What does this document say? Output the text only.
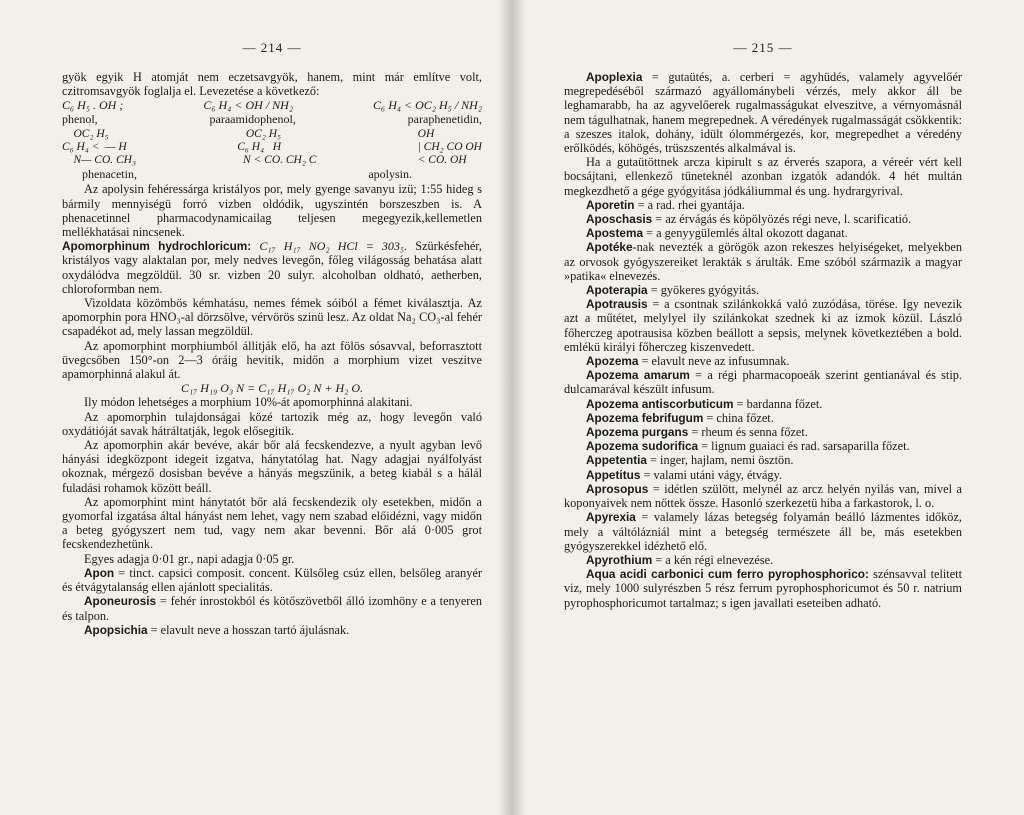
— 214 —

gyök egyik H atomját nem eczetsavgyök, hanem, mint már említve volt, czitromsavgyök foglalja el. Levezetése a következő:

C₆ H₅ . OH ;	C₆ H₄ < OH / NH₂	C₆ H₄ < OC₂ H₅ / NH₂
phenol,	paraamidophenol,	paraphenetidin,
OC₂ H₅
C₆ H₄ <  — H
N— CO. CH₃
OC₂ H₅
C₆ H₄   H
N < CO. CH₂ C
OH
| CH₂ CO OH
< CO. OH
phenacetin,	apolysin.

Az apolysin fehéressárga kristályos por, mely gyenge savanyu izü; 1:55 hideg s bármily mennyiségü forró vizben oldódik, ugyszintén borszeszben is. A phenacetinnel pharmacodynamicailag teljesen megegyezik,kellemetlen mellékhatásai nincsenek.

Apomorphinum hydrochloricum: C₁₇ H₁₇ NO₂ HCl = 303₅. Szürkésfehér, kristályos vagy alaktalan por, mely nedves levegőn, főleg világosság behatása alatt oxydálódva megzöldül. 30 sr. vizben 20 sulyr. alcoholban oldható, aetherben, chloroformban nem.

Vizoldata közömbös kémhatásu, nemes fémek sóiból a fémet kiválasztja. Az apomorphin pora HNO₃-al dörzsölve, vérvörös szinü lesz. Az oldat Na₂ CO₃-al fehér csapadékot ad, mely lassan megzöldül.

Az apomorphint morphiumból állitják elő, ha azt fölös sósavval, beforrasztott üvegcsőben 150°-on 2—3 óráig hevitik, midőn a morphium vizet veszitve apamorphinná alakul át.

C₁₇ H₁₉ O₃ N = C₁₇ H₁₇ O₂ N + H₂ O.

Ily módon lehetséges a morphium 10%-át apomorphinná alakitani.

Az apomorphin tulajdonságai közé tartozik még az, hogy levegőn való oxydátióját savak hátráltatják, legok elősegitik.

Az apomorphin akár bevéve, akár bőr alá fecskendezve, a nyult agyban levő hányási idegközpont idegeit izgatva, hánytatólag hat. Nagy adagjai nyálfolyást okoznak, mérgező dosisban bevéve a hányás megszünik, a beteg kiabál s a hálál fuladási rohamok között beáll.

Az apomorphint mint hánytatót bőr alá fecskendezik oly esetekben, midőn a gyomorfal izgatása által hányást nem lehet, vagy nem szabad előidézni, vagy midőn a beteg gyógyszert nem tud, vagy nem akar bevenni. Bőr alá 0·005 grot fecskendezhetünk.

Egyes adagja 0·01 gr., napi adagja 0·05 gr.

Apon = tinct. capsici composit. concent. Külsőleg csúz ellen, belsőleg aranyér és étvágytalanság ellen ajánlott specialitás.

Aponeurosis = fehér inrostokból és kötőszövetből álló izomhöny e a tenyeren és talpon.

Apopsichia = elavult neve a hosszan tartó ájulásnak.

— 215 —

Apoplexia = gutaütés, a. cerberi = agyhüdés, valamely agyvelőér megrepedéséből származó agyállománybeli vérzés, mely akkor áll be leghamarabb, ha az agyvelőerek rugalmasságukat elveszitve, a vérnyomásnál nem tágulhatnak, hanem megrepednek. A véredények rugalmasságát csökkentik: a szeszes italok, dohány, idült ólommérgezés, kor, megrepedhet a véredény erőlködés, köhögés, trüszszentés alkalmával is.

Ha a gutaütöttnek arcza kipirult s az érverés szapora, a véreér vért kell bocsájtani, ellenkező tüneteknél azonban izgatók adandók. 4 hét multán megkezdhető a gége gyógyitása jódkáliummal és ung. hydrargyrival.

Aporetin = a rad. rhei gyantája.

Aposchasis = az érvágás és köpölyözés régi neve, l. scarificatió.

Apostema = a genyygülemlés által okozott daganat.

Apotéke-nak nevezték a görögök azon rekeszes helyiségeket, melyekben az orvosok gyógyszereiket lerakták s árulták. Eme szóból származik a magyar »patika« elnevezés.

Apoterapia = gyökeres gyógyitás.

Apotrausis = a csontnak szilánkokká való zuzódása, törése. Igy nevezik azt a műtétet, melylyel ily szilánkokat szednek ki az izmok közül. László főherczeg apotrausisa közben beállott a sepsis, melynek következtében a bold. emlékü királyi főherczeg kiszenvedett.

Apozema = elavult neve az infusumnak.

Apozema amarum = a régi pharmacopoeák szerint gentianával és stip. dulcamarával készült infusum.

Apozema antiscorbuticum = bardanna főzet.

Apozema febrifugum = china főzet.

Apozema purgans = rheum és senna főzet.

Apozema sudorifica = lignum guaiaci és rad. sarsaparilla főzet.

Appetentia = inger, hajlam, nemi ösztön.

Appetitus = valami utáni vágy, étvágy.

Aprosopus = idétlen szülött, melynél az arcz helyén nyilás van, mivel a koponyaivek nem nőttek össze. Hasonló szerkezetü hiba a farkastorok, l. o.

Apyrexia = valamely lázas betegség folyamán beálló lázmentes időköz, mely a váltólázniál mint a betegség természete áll be, más esetekben gyógyszerekkel idézhető elő.

Apyrothium = a kén régi elnevezése.

Aqua acidi carbonici cum ferro pyrophosphorico: szénsavval telitett viz, mely 1000 sulyrészben 5 rész ferrum pyrophosphoricumot és 50 r. natrium pyrophosphoricumot tartalmaz; s igen javallati eseteiben adható.
